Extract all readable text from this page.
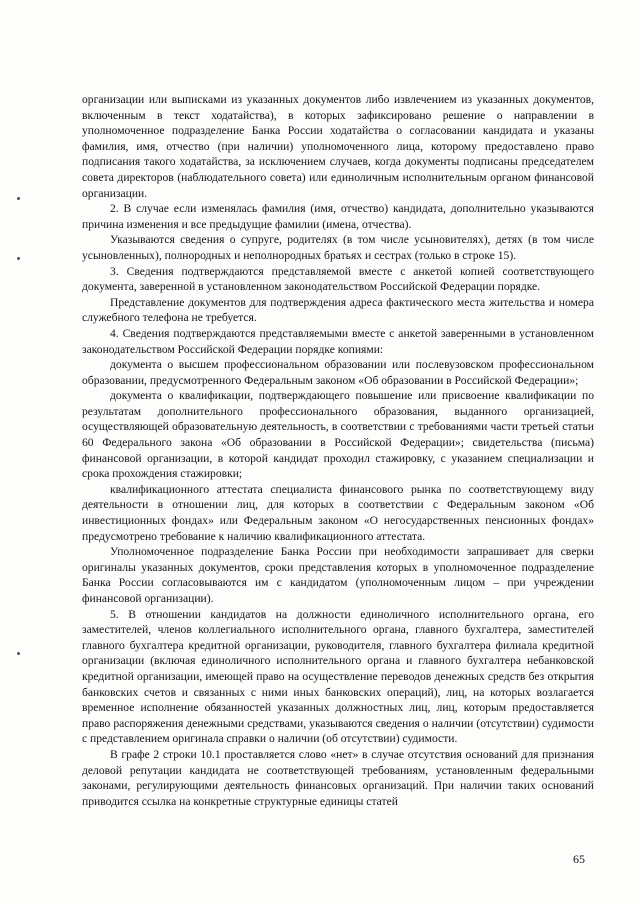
организации или выписками из указанных документов либо извлечением из указанных документов, включенным в текст ходатайства), в которых зафиксировано решение о направлении в уполномоченное подразделение Банка России ходатайства о согласовании кандидата и указаны фамилия, имя, отчество (при наличии) уполномоченного лица, которому предоставлено право подписания такого ходатайства, за исключением случаев, когда документы подписаны председателем совета директоров (наблюдательного совета) или единоличным исполнительным органом финансовой организации.

2. В случае если изменялась фамилия (имя, отчество) кандидата, дополнительно указываются причина изменения и все предыдущие фамилии (имена, отчества).

Указываются сведения о супруге, родителях (в том числе усыновителях), детях (в том числе усыновленных), полнородных и неполнородных братьях и сестрах (только в строке 15).

3. Сведения подтверждаются представляемой вместе с анкетой копией соответствующего документа, заверенной в установленном законодательством Российской Федерации порядке.

Представление документов для подтверждения адреса фактического места жительства и номера служебного телефона не требуется.

4. Сведения подтверждаются представляемыми вместе с анкетой заверенными в установленном законодательством Российской Федерации порядке копиями:

документа о высшем профессиональном образовании или послевузовском профессиональном образовании, предусмотренного Федеральным законом «Об образовании в Российской Федерации»;

документа о квалификации, подтверждающего повышение или присвоение квалификации по результатам дополнительного профессионального образования, выданного организацией, осуществляющей образовательную деятельность, в соответствии с требованиями части третьей статьи 60 Федерального закона «Об образовании в Российской Федерации»; свидетельства (письма) финансовой организации, в которой кандидат проходил стажировку, с указанием специализации и срока прохождения стажировки;

квалификационного аттестата специалиста финансового рынка по соответствующему виду деятельности в отношении лиц, для которых в соответствии с Федеральным законом «Об инвестиционных фондах» или Федеральным законом «О негосударственных пенсионных фондах» предусмотрено требование к наличию квалификационного аттестата.

Уполномоченное подразделение Банка России при необходимости запрашивает для сверки оригиналы указанных документов, сроки представления которых в уполномоченное подразделение Банка России согласовываются им с кандидатом (уполномоченным лицом – при учреждении финансовой организации).

5. В отношении кандидатов на должности единоличного исполнительного органа, его заместителей, членов коллегиального исполнительного органа, главного бухгалтера, заместителей главного бухгалтера кредитной организации, руководителя, главного бухгалтера филиала кредитной организации (включая единоличного исполнительного органа и главного бухгалтера небанковской кредитной организации, имеющей право на осуществление переводов денежных средств без открытия банковских счетов и связанных с ними иных банковских операций), лиц, на которых возлагается временное исполнение обязанностей указанных должностных лиц, лиц, которым предоставляется право распоряжения денежными средствами, указываются сведения о наличии (отсутствии) судимости с представлением оригинала справки о наличии (об отсутствии) судимости.

В графе 2 строки 10.1 проставляется слово «нет» в случае отсутствия оснований для признания деловой репутации кандидата не соответствующей требованиям, установленным федеральными законами, регулирующими деятельность финансовых организаций. При наличии таких оснований приводится ссылка на конкретные структурные единицы статей

65
